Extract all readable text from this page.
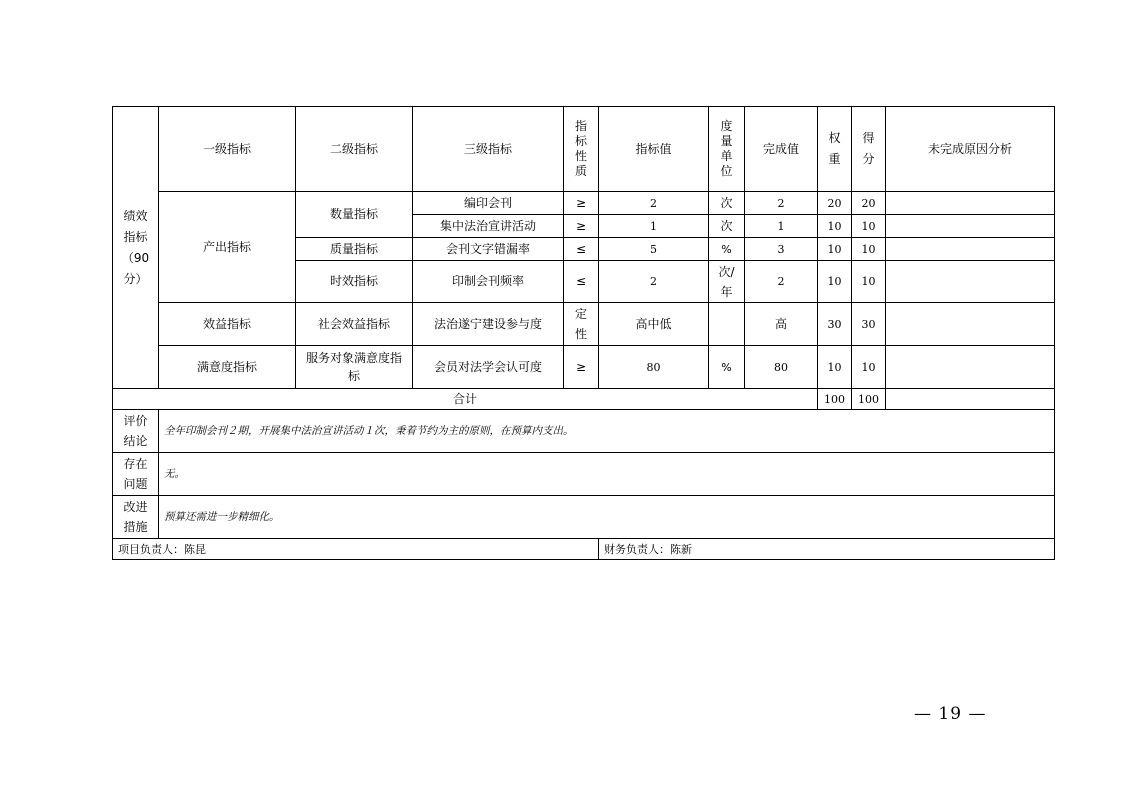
绩效指标（90分）	一级指标	二级指标	三级指标	指标性质	指标值	度量单位	完成值	权重	得分	未完成原因分析
	产出指标	数量指标	编印会刊	≥	2	次	2	20	20	
			集中法治宣讲活动	≥	1	次	1	10	10	
		质量指标	会刊文字错漏率	≤	5	%	3	10	10	
		时效指标	印制会刊频率	≤	2	次/年	2	10	10	
	效益指标	社会效益指标	法治遂宁建设参与度	定性	高中低		高	30	30	
	满意度指标	服务对象满意度指标	会员对法学会认可度	≥	80	%	80	10	10	
合计								100	100	

评价结论	全年印制会刊２期，开展集中法治宣讲活动１次，秉着节约为主的原则，在预算内支出。									

存在问题	无。									

改进措施	预算还需进一步精细化。									
项目负责人：陈昆					财务负责人：陈新					
— 19 —
